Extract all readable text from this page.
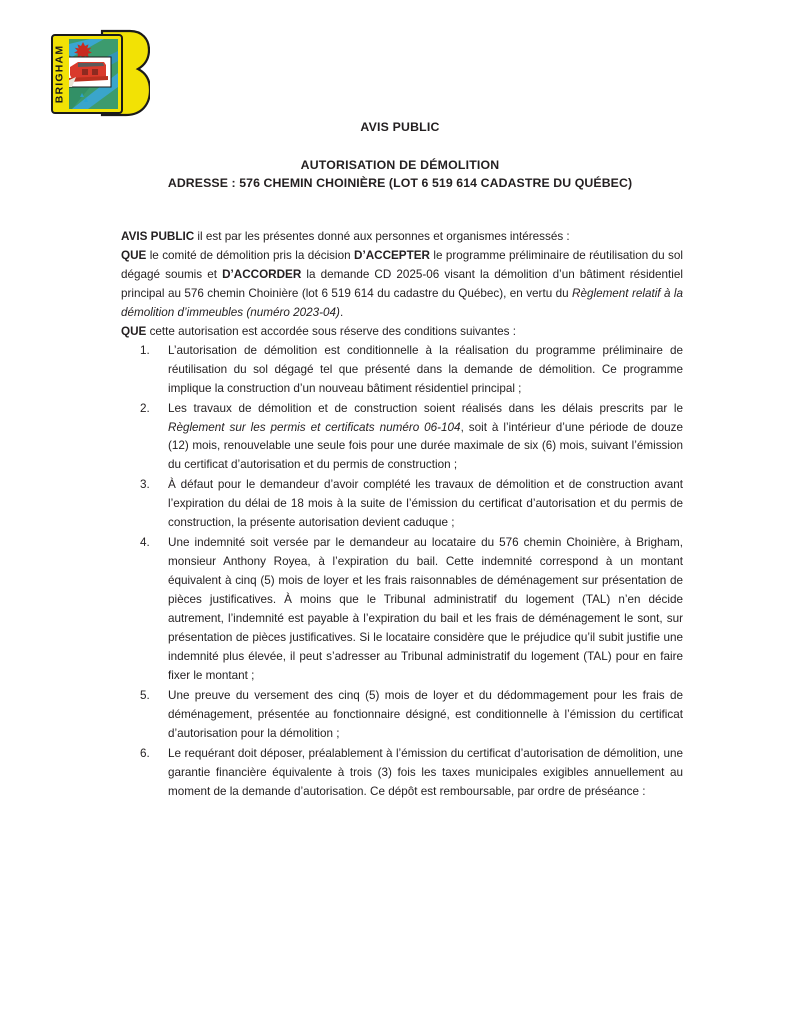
BRIGHAM
AVIS PUBLIC
AUTORISATION DE DÉMOLITION
ADRESSE : 576 CHEMIN CHOINIÈRE (LOT 6 519 614 CADASTRE DU QUÉBEC)

AVIS PUBLIC il est par les présentes donné aux personnes et organismes intéressés :

QUE le comité de démolition pris la décision D’ACCEPTER le programme préliminaire de réutilisation du sol dégagé soumis et D’ACCORDER la demande CD 2025-06 visant la démolition d’un bâtiment résidentiel principal au 576 chemin Choinière (lot 6 519 614 du cadastre du Québec), en vertu du Règlement relatif à la démolition d’immeubles (numéro 2023-04).

QUE cette autorisation est accordée sous réserve des conditions suivantes :

L’autorisation de démolition est conditionnelle à la réalisation du programme préliminaire de réutilisation du sol dégagé tel que présenté dans la demande de démolition. Ce programme implique la construction d’un nouveau bâtiment résidentiel principal ;
Les travaux de démolition et de construction soient réalisés dans les délais prescrits par le Règlement sur les permis et certificats numéro 06-104, soit à l’intérieur d’une période de douze (12) mois, renouvelable une seule fois pour une durée maximale de six (6) mois, suivant l’émission du certificat d’autorisation et du permis de construction ;
À défaut pour le demandeur d’avoir complété les travaux de démolition et de construction avant l’expiration du délai de 18 mois à la suite de l’émission du certificat d’autorisation et du permis de construction, la présente autorisation devient caduque ;
Une indemnité soit versée par le demandeur au locataire du 576 chemin Choinière, à Brigham, monsieur Anthony Royea, à l’expiration du bail. Cette indemnité correspond à un montant équivalent à cinq (5) mois de loyer et les frais raisonnables de déménagement sur présentation de pièces justificatives. À moins que le Tribunal administratif du logement (TAL) n’en décide autrement, l’indemnité est payable à l’expiration du bail et les frais de déménagement le sont, sur présentation de pièces justificatives. Si le locataire considère que le préjudice qu’il subit justifie une indemnité plus élevée, il peut s’adresser au Tribunal administratif du logement (TAL) pour en faire fixer le montant ;
Une preuve du versement des cinq (5) mois de loyer et du dédommagement pour les frais de déménagement, présentée au fonctionnaire désigné, est conditionnelle à l’émission du certificat d’autorisation pour la démolition ;
Le requérant doit déposer, préalablement à l’émission du certificat d’autorisation de démolition, une garantie financière équivalente à trois (3) fois les taxes municipales exigibles annuellement au moment de la demande d’autorisation. Ce dépôt est remboursable, par ordre de préséance :
